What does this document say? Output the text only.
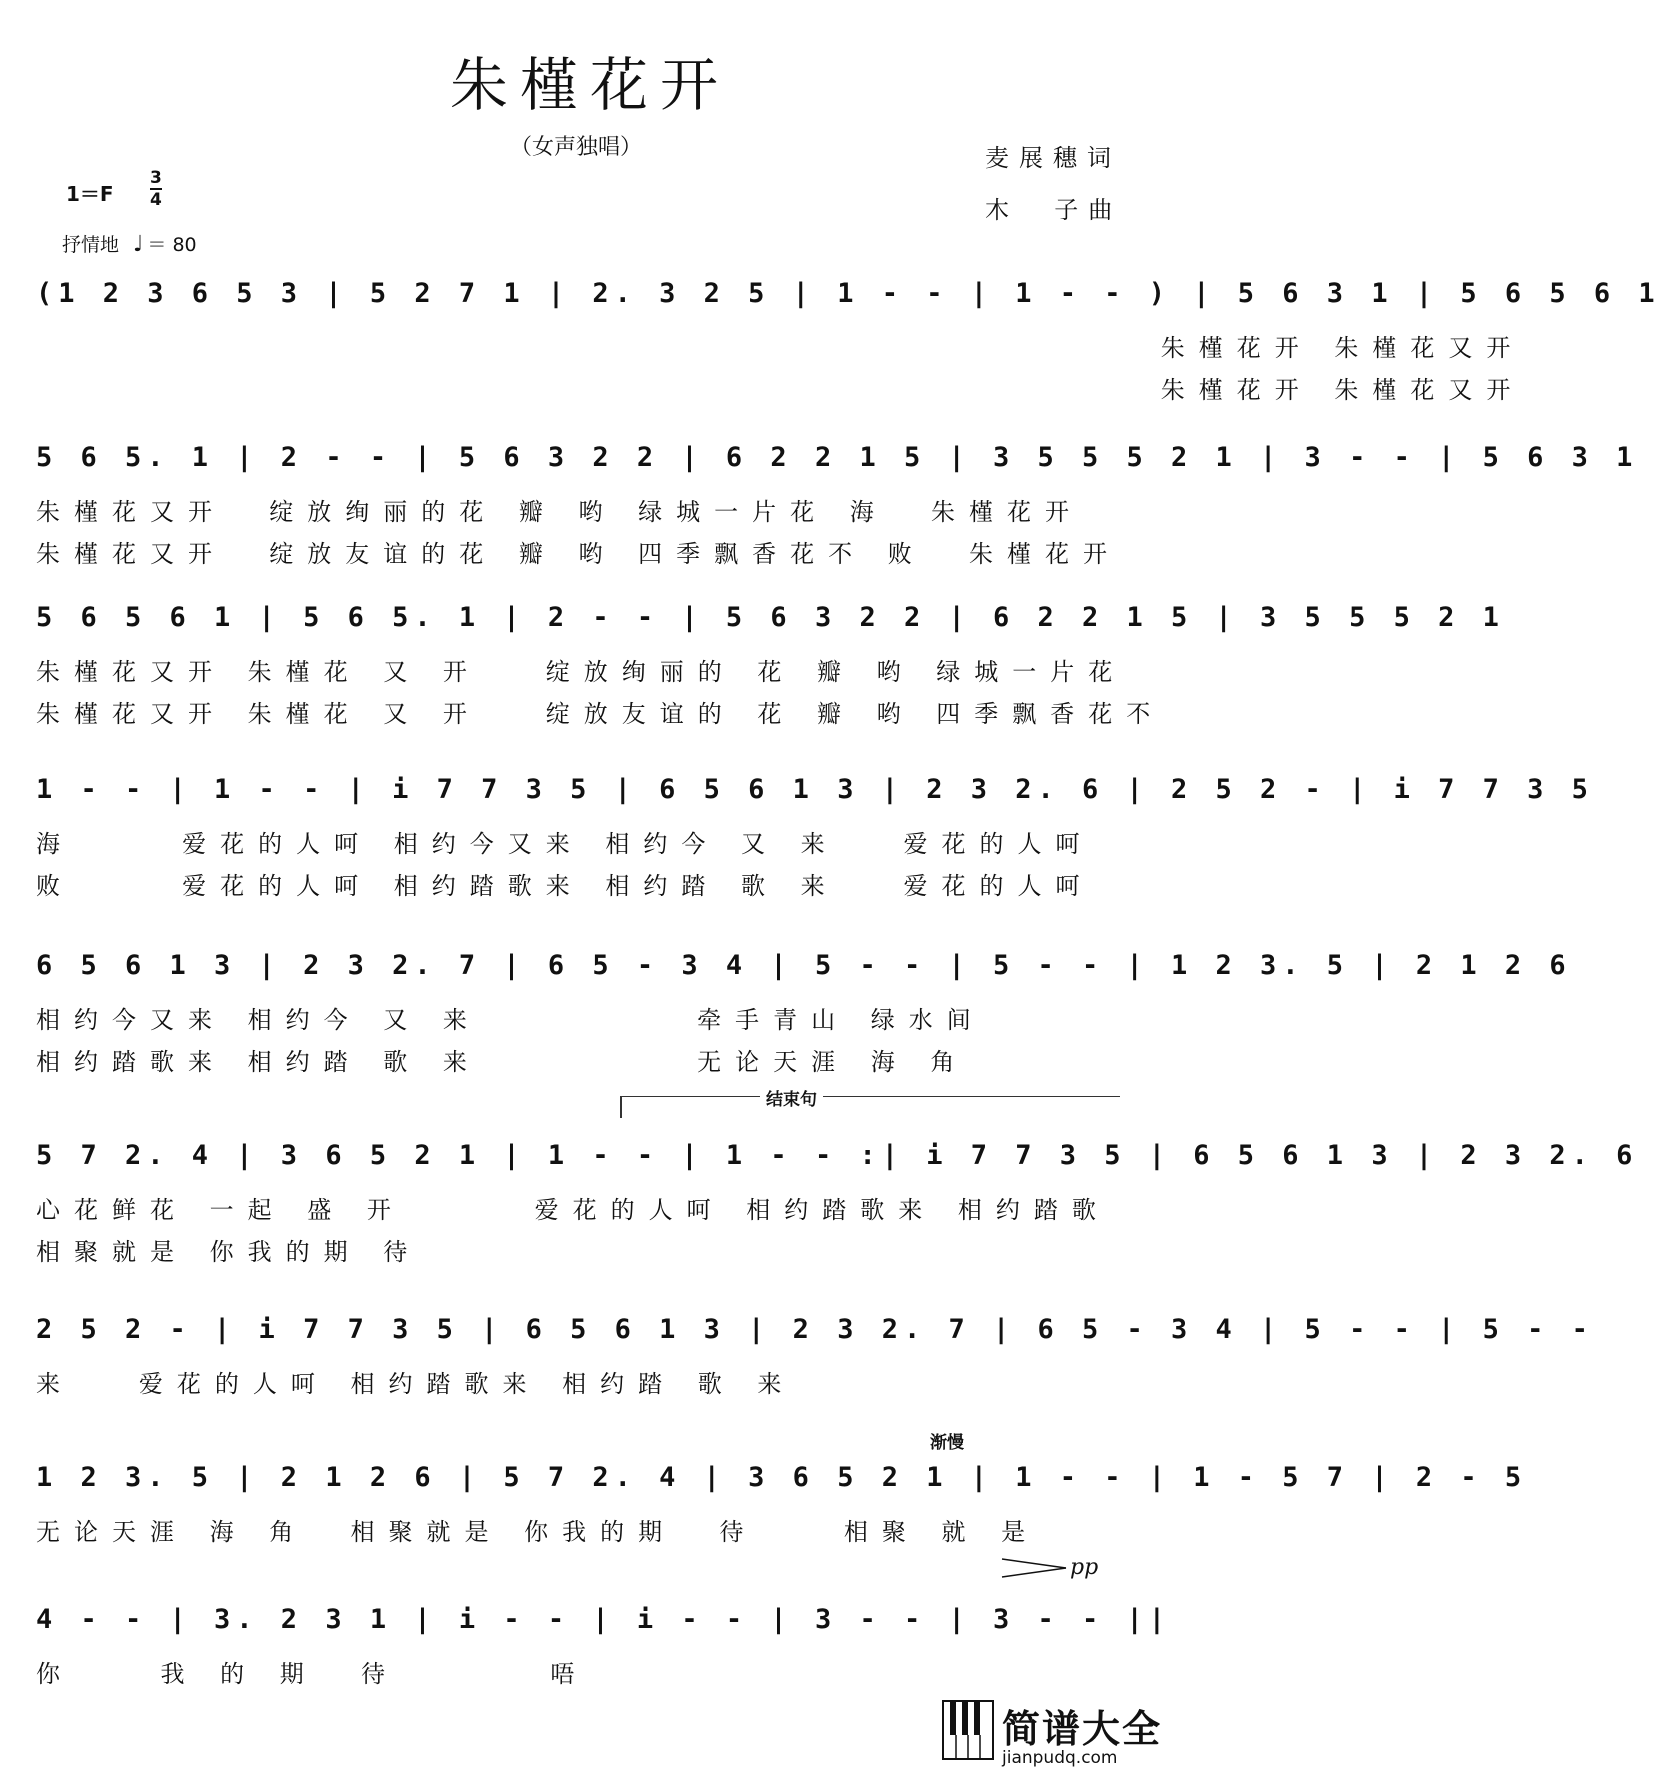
朱槿花开
（女声独唱）	麦展穗词
木  子曲
$1=F \frac{3}{4}$
抒情地 ♩ ＝ 80
(1 2 3 6 5 3 | 5 2 7 1 | 2. 3 2 5 | 1 - - | 1 - - ) | 5 6 3 1 | 5 6 5 6 1
朱槿花开 朱槿花又开
朱槿花开 朱槿花又开
5 6 5. 1 | 2 - - | 5 6 3 2 2 | 6 2 2 1 5 | 3 5 5 5 2 1 | 3 - - | 5 6 3 1
朱槿花又开  绽放绚丽的花 瓣 哟 绿城一片花 海  朱槿花开
朱槿花又开  绽放友谊的花 瓣 哟 四季飘香花不 败  朱槿花开
5 6 5 6 1 | 5 6 5. 1 | 2 - - | 5 6 3 2 2 | 6 2 2 1 5 | 3 5 5 5 2 1
朱槿花又开 朱槿花 又 开   绽放绚丽的 花 瓣 哟 绿城一片花
朱槿花又开 朱槿花 又 开   绽放友谊的 花 瓣 哟 四季飘香花不
1 - - | 1 - - | i 7 7 3 5 | 6 5 6 1 3 | 2 3 2. 6 | 2 5 2 - | i 7 7 3 5
海     爱花的人呵 相约今又来 相约今 又 来   爱花的人呵
败     爱花的人呵 相约踏歌来 相约踏 歌 来   爱花的人呵
6 5 6 1 3 | 2 3 2. 7 | 6 5 - 3 4 | 5 - - | 5 - - | 1 2 3. 5 | 2 1 2 6
相约今又来 相约今 又 来          牵手青山 绿水间
相约踏歌来 相约踏 歌 来          无论天涯 海 角
结束句
5 7 2. 4 | 3 6 5 2 1 | 1 - - | 1 - - :| i 7 7 3 5 | 6 5 6 1 3 | 2 3 2. 6
心花鲜花 一起 盛 开      爱花的人呵 相约踏歌来 相约踏歌
相聚就是 你我的期 待
2 5 2 - | i 7 7 3 5 | 6 5 6 1 3 | 2 3 2. 7 | 6 5 - 3 4 | 5 - - | 5 - -
来   爱花的人呵 相约踏歌来 相约踏 歌 来
渐慢
1 2 3. 5 | 2 1 2 6 | 5 7 2. 4 | 3 6 5 2 1 | 1 - - | 1 - 5 7 | 2 - 5
无论天涯 海 角  相聚就是 你我的期  待    相聚 就 是
pp
4 - - | 3. 2 3 1 | i - - | i - - | 3 - - | 3 - - ||
你    我 的 期  待       唔
简谱大全
jianpudq.com
